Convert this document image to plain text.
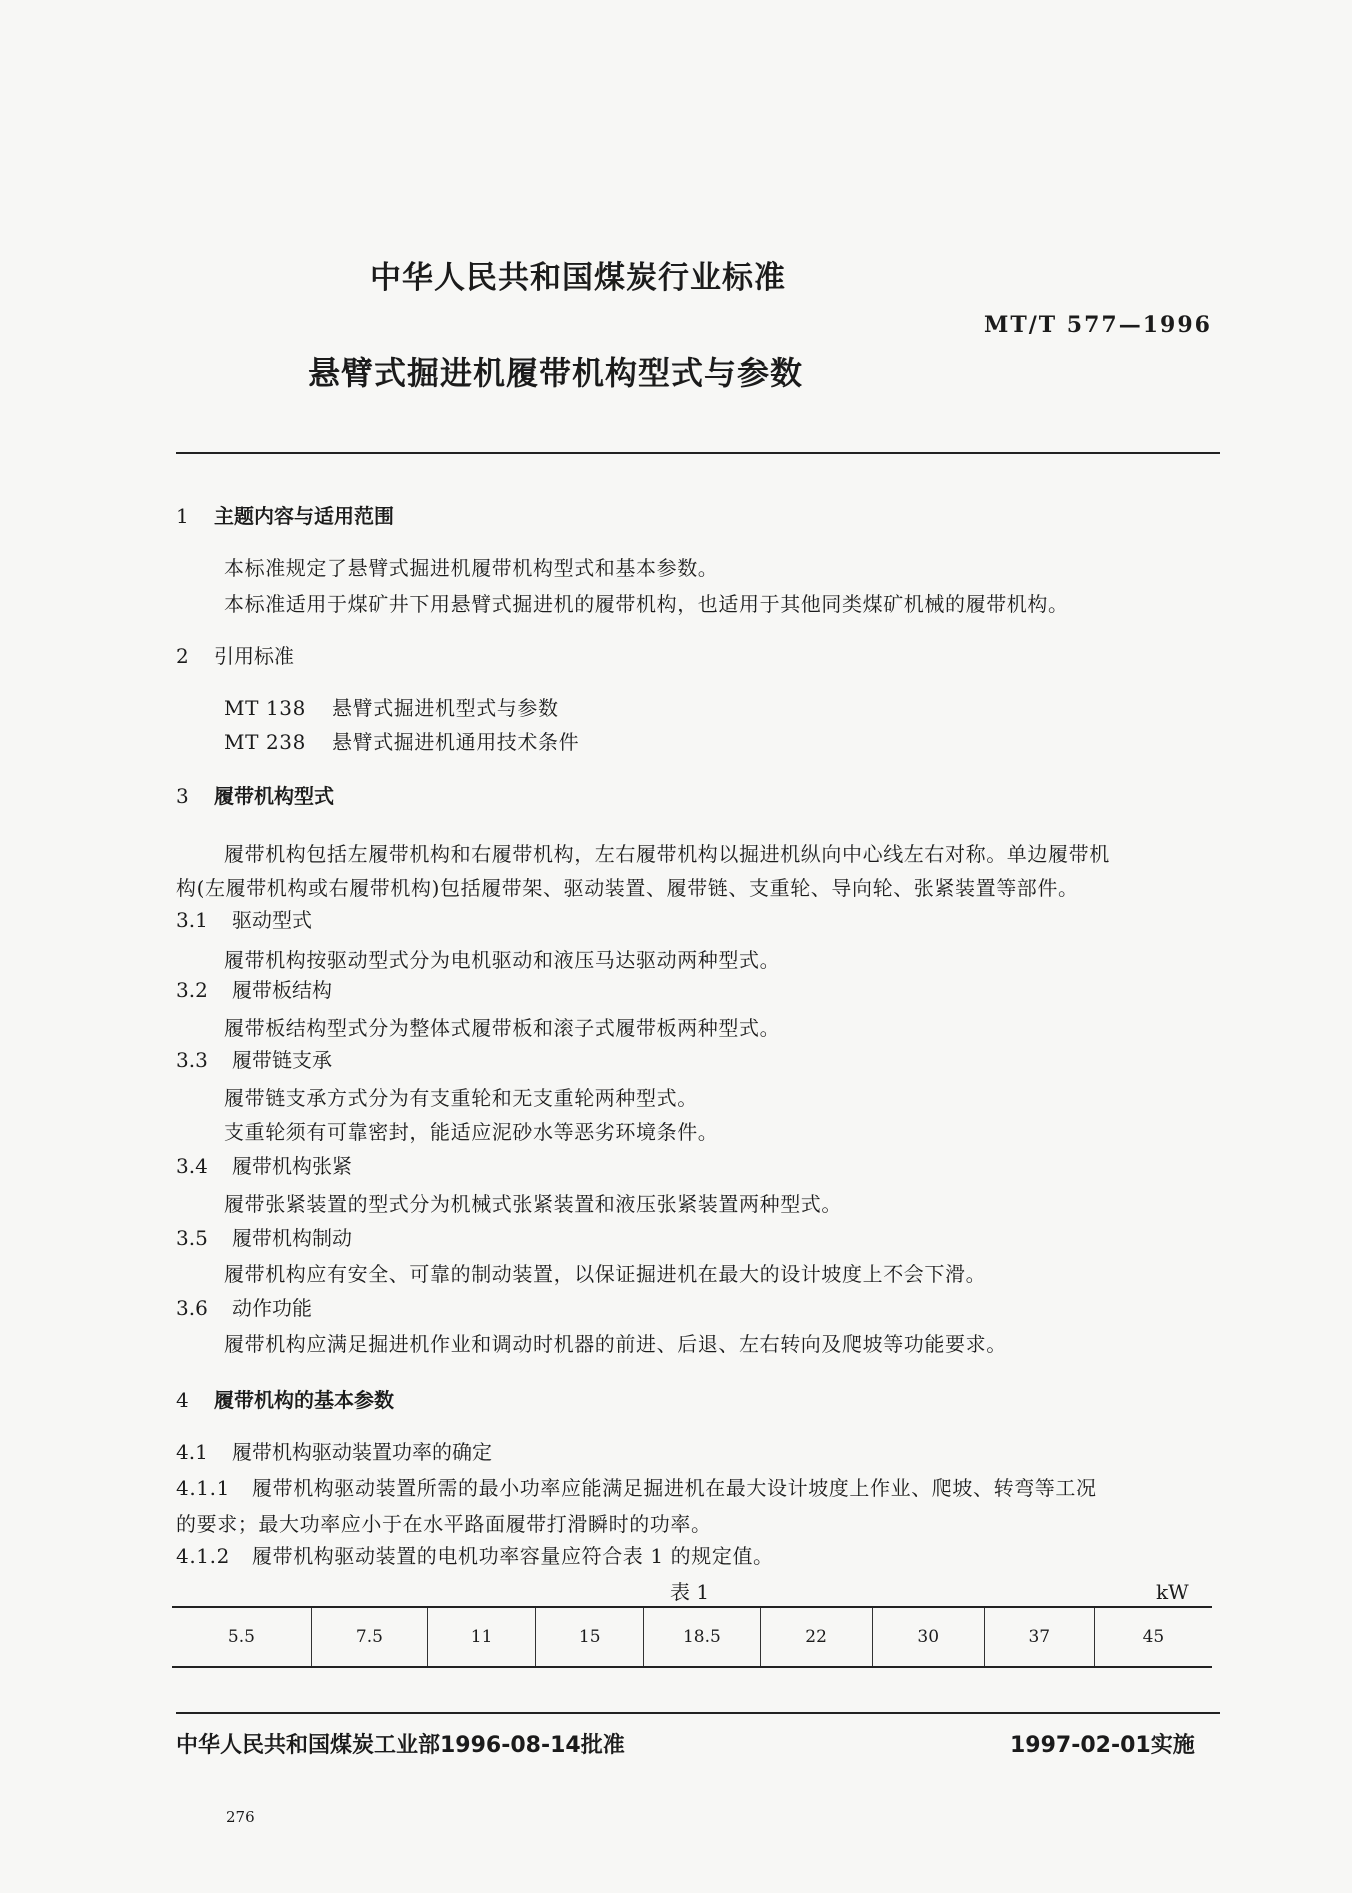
中华人民共和国煤炭行业标准
MT/T 577—1996
悬臂式掘进机履带机构型式与参数
1 主题内容与适用范围
本标准规定了悬臂式掘进机履带机构型式和基本参数。
本标准适用于煤矿井下用悬臂式掘进机的履带机构，也适用于其他同类煤矿机械的履带机构。
2 引用标准
MT 138 悬臂式掘进机型式与参数
MT 238 悬臂式掘进机通用技术条件
3 履带机构型式
履带机构包括左履带机构和右履带机构，左右履带机构以掘进机纵向中心线左右对称。单边履带机
构(左履带机构或右履带机构)包括履带架、驱动装置、履带链、支重轮、导向轮、张紧装置等部件。
3.1 驱动型式
履带机构按驱动型式分为电机驱动和液压马达驱动两种型式。
3.2 履带板结构
履带板结构型式分为整体式履带板和滚子式履带板两种型式。
3.3 履带链支承
履带链支承方式分为有支重轮和无支重轮两种型式。
支重轮须有可靠密封，能适应泥砂水等恶劣环境条件。
3.4 履带机构张紧
履带张紧装置的型式分为机械式张紧装置和液压张紧装置两种型式。
3.5 履带机构制动
履带机构应有安全、可靠的制动装置，以保证掘进机在最大的设计坡度上不会下滑。
3.6 动作功能
履带机构应满足掘进机作业和调动时机器的前进、后退、左右转向及爬坡等功能要求。
4 履带机构的基本参数
4.1 履带机构驱动装置功率的确定
4.1.1 履带机构驱动装置所需的最小功率应能满足掘进机在最大设计坡度上作业、爬坡、转弯等工况
的要求；最大功率应小于在水平路面履带打滑瞬时的功率。
4.1.2 履带机构驱动装置的电机功率容量应符合表 1 的规定值。
表 1	kW
5.5	7.5	11	15	18.5	22	30	37	45
中华人民共和国煤炭工业部1996-08-14批准	1997-02-01实施
276
